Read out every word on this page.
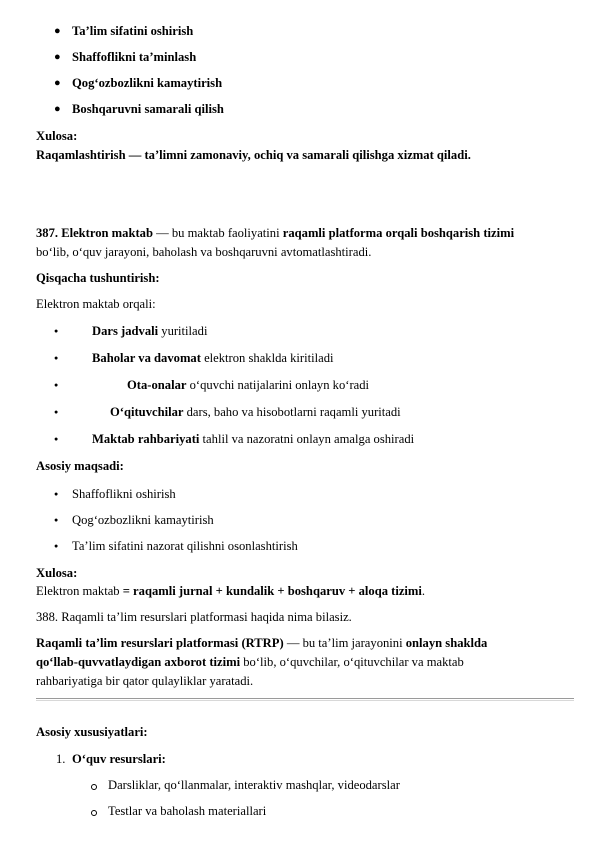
● Ta’lim sifatini oshirish
● Shaffoflikni ta’minlash
● Qog‘ozbozlikni kamaytirish
● Boshqaruvni samarali qilish
Xulosa:
Raqamlashtirish — ta’limni zamonaviy, ochiq va samarali qilishga xizmat qiladi.
387. Elektron maktab — bu maktab faoliyatini raqamli platforma orqali boshqarish tizimi
bo‘lib, o‘quv jarayoni, baholash va boshqaruvni avtomatlashtiradi.
Qisqacha tushuntirish:
Elektron maktab orqali:
●	Dars jadvali yuritiladi
●	Baholar va davomat elektron shaklda kiritiladi
●	Ota-onalar o‘quvchi natijalarini onlayn ko‘radi
●	O‘qituvchilar dars, baho va hisobotlarni raqamli yuritadi
●	Maktab rahbariyati tahlil va nazoratni onlayn amalga oshiradi
Asosiy maqsadi:
● Shaffoflikni oshirish
● Qog‘ozbozlikni kamaytirish
● Ta’lim sifatini nazorat qilishni osonlashtirish
Xulosa:
Elektron maktab = raqamli jurnal + kundalik + boshqaruv + aloqa tizimi.
388. Raqamli ta’lim resurslari platformasi haqida nima bilasiz.
Raqamli ta’lim resurslari platformasi (RTRP) — bu ta’lim jarayonini onlayn shaklda
qo‘llab-quvvatlaydigan axborot tizimi bo‘lib, o‘quvchilar, o‘qituvchilar va maktab
rahbariyatiga bir qator qulayliklar yaratadi.
Asosiy xususiyatlari:
1. O‘quv resurslari:
Darsliklar, qo‘llanmalar, interaktiv mashqlar, videodarslar
Testlar va baholash materiallari
